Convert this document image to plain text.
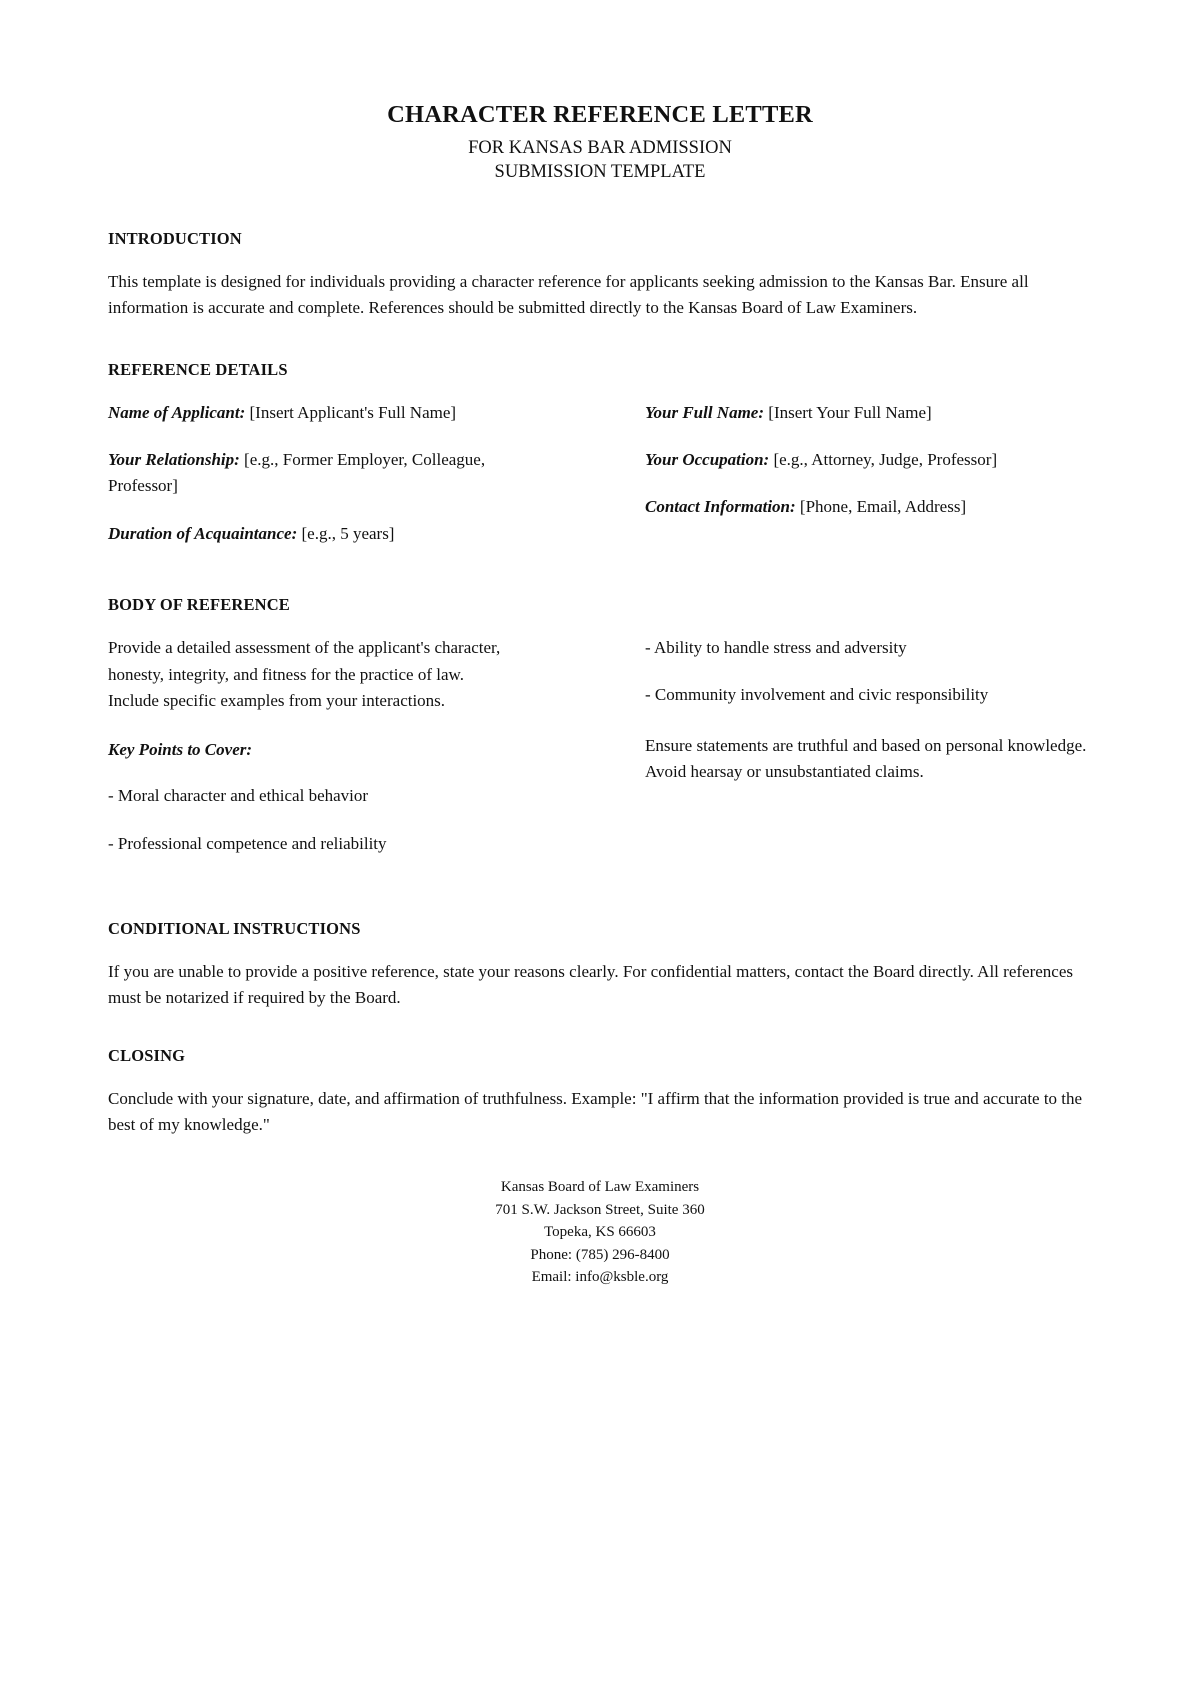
CHARACTER REFERENCE LETTER
FOR KANSAS BAR ADMISSION
SUBMISSION TEMPLATE
INTRODUCTION

This template is designed for individuals providing a character reference for applicants seeking admission to the Kansas Bar. Ensure all information is accurate and complete. References should be submitted directly to the Kansas Board of Law Examiners.

REFERENCE DETAILS

Name of Applicant: [Insert Applicant's Full Name]

Your Relationship: [e.g., Former Employer, Colleague, Professor]

Duration of Acquaintance: [e.g., 5 years]

Your Full Name: [Insert Your Full Name]

Your Occupation: [e.g., Attorney, Judge, Professor]

Contact Information: [Phone, Email, Address]

BODY OF REFERENCE

Provide a detailed assessment of the applicant's character,
honesty, integrity, and fitness for the practice of law.
Include specific examples from your interactions.

Key Points to Cover:

- Moral character and ethical behavior

- Professional competence and reliability

- Ability to handle stress and adversity

- Community involvement and civic responsibility

Ensure statements are truthful and based on personal knowledge. Avoid hearsay or unsubstantiated claims.

CONDITIONAL INSTRUCTIONS

If you are unable to provide a positive reference, state your reasons clearly. For confidential matters, contact the Board directly. All references must be notarized if required by the Board.

CLOSING

Conclude with your signature, date, and affirmation of truthfulness. Example: "I affirm that the information provided is true and accurate to the best of my knowledge."

Kansas Board of Law Examiners

701 S.W. Jackson Street, Suite 360

Topeka, KS 66603

Phone: (785) 296-8400

Email: info@ksble.org
